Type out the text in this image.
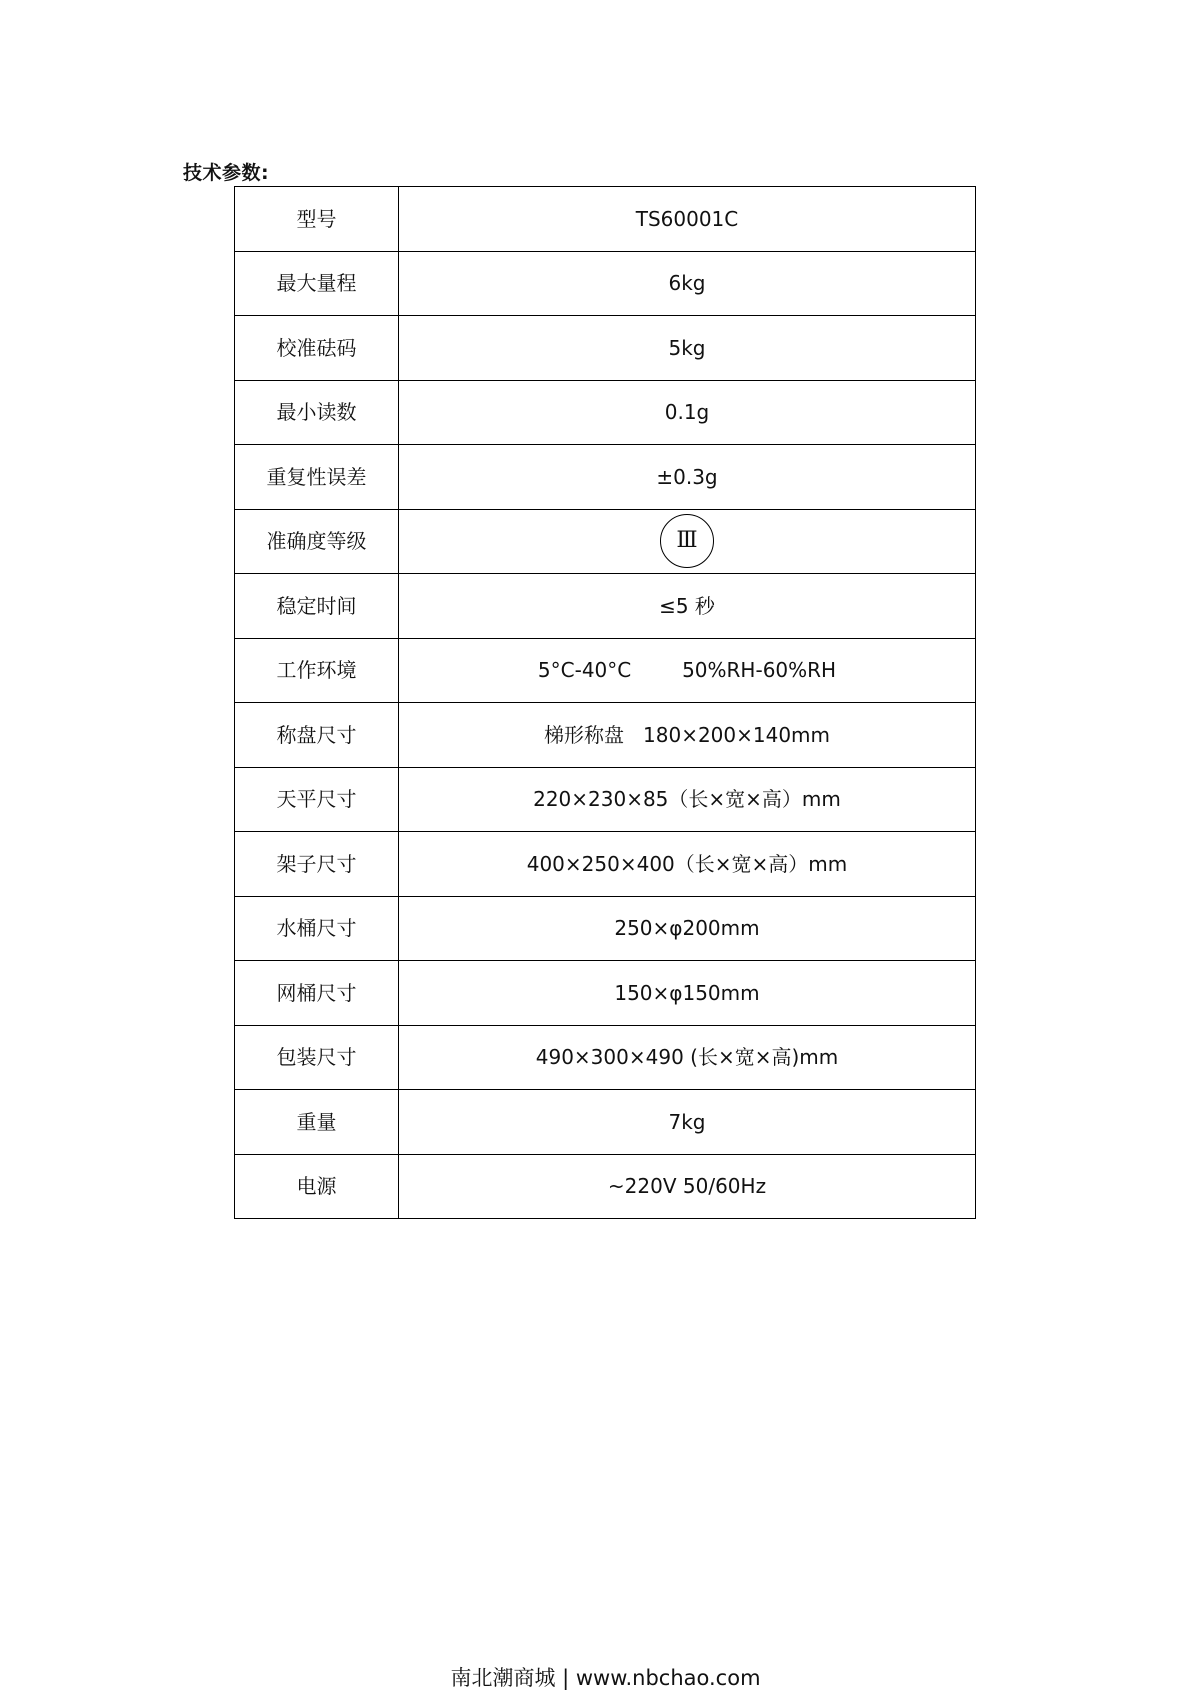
技术参数:
型号	TS60001C
最大量程	6kg
校准砝码	5kg
最小读数	0.1g
重复性误差	±0.3g
准确度等级	Ⅲ
稳定时间	≤5 秒
工作环境	5°C-40°C        50%RH-60%RH
称盘尺寸	梯形称盘   180×200×140mm
天平尺寸	220×230×85（长×宽×高）mm
架子尺寸	400×250×400（长×宽×高）mm
水桶尺寸	250×φ200mm
网桶尺寸	150×φ150mm
包装尺寸	490×300×490 (长×宽×高)mm
重量	7kg
电源	~220V 50/60Hz
南北潮商城 | www.nbchao.com
